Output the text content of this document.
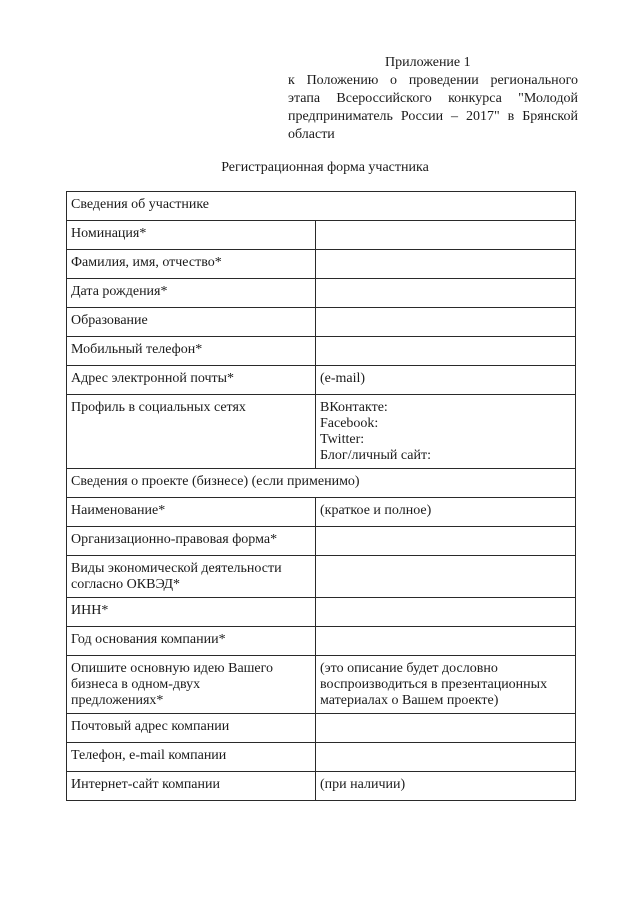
Приложение 1
к Положению о проведении регионального
этапа Всероссийского конкурса "Молодой
предприниматель России – 2017" в Брянской
области
Регистрационная форма участника
Сведения об участнике	

Номинация*	

Фамилия, имя, отчество*	

Дата рождения*	

Образование	

Мобильный телефон*	

Адрес электронной почты*	(e-mail)

Профиль в социальных сетях	ВКонтакте:
Facebook:
Twitter:
Блог/личный сайт:

Сведения о проекте (бизнесе) (если применимо)	

Наименование*	(краткое и полное)

Организационно-правовая форма*	

Виды экономической деятельности
согласно ОКВЭД*	

ИНН*	

Год основания компании*	

Опишите основную идею Вашего
бизнеса в одном-двух
предложениях*	(это описание будет дословно
воспроизводиться в презентационных
материалах о Вашем проекте)

Почтовый адрес компании	

Телефон, e-mail компании	

Интернет-сайт компании	(при наличии)
